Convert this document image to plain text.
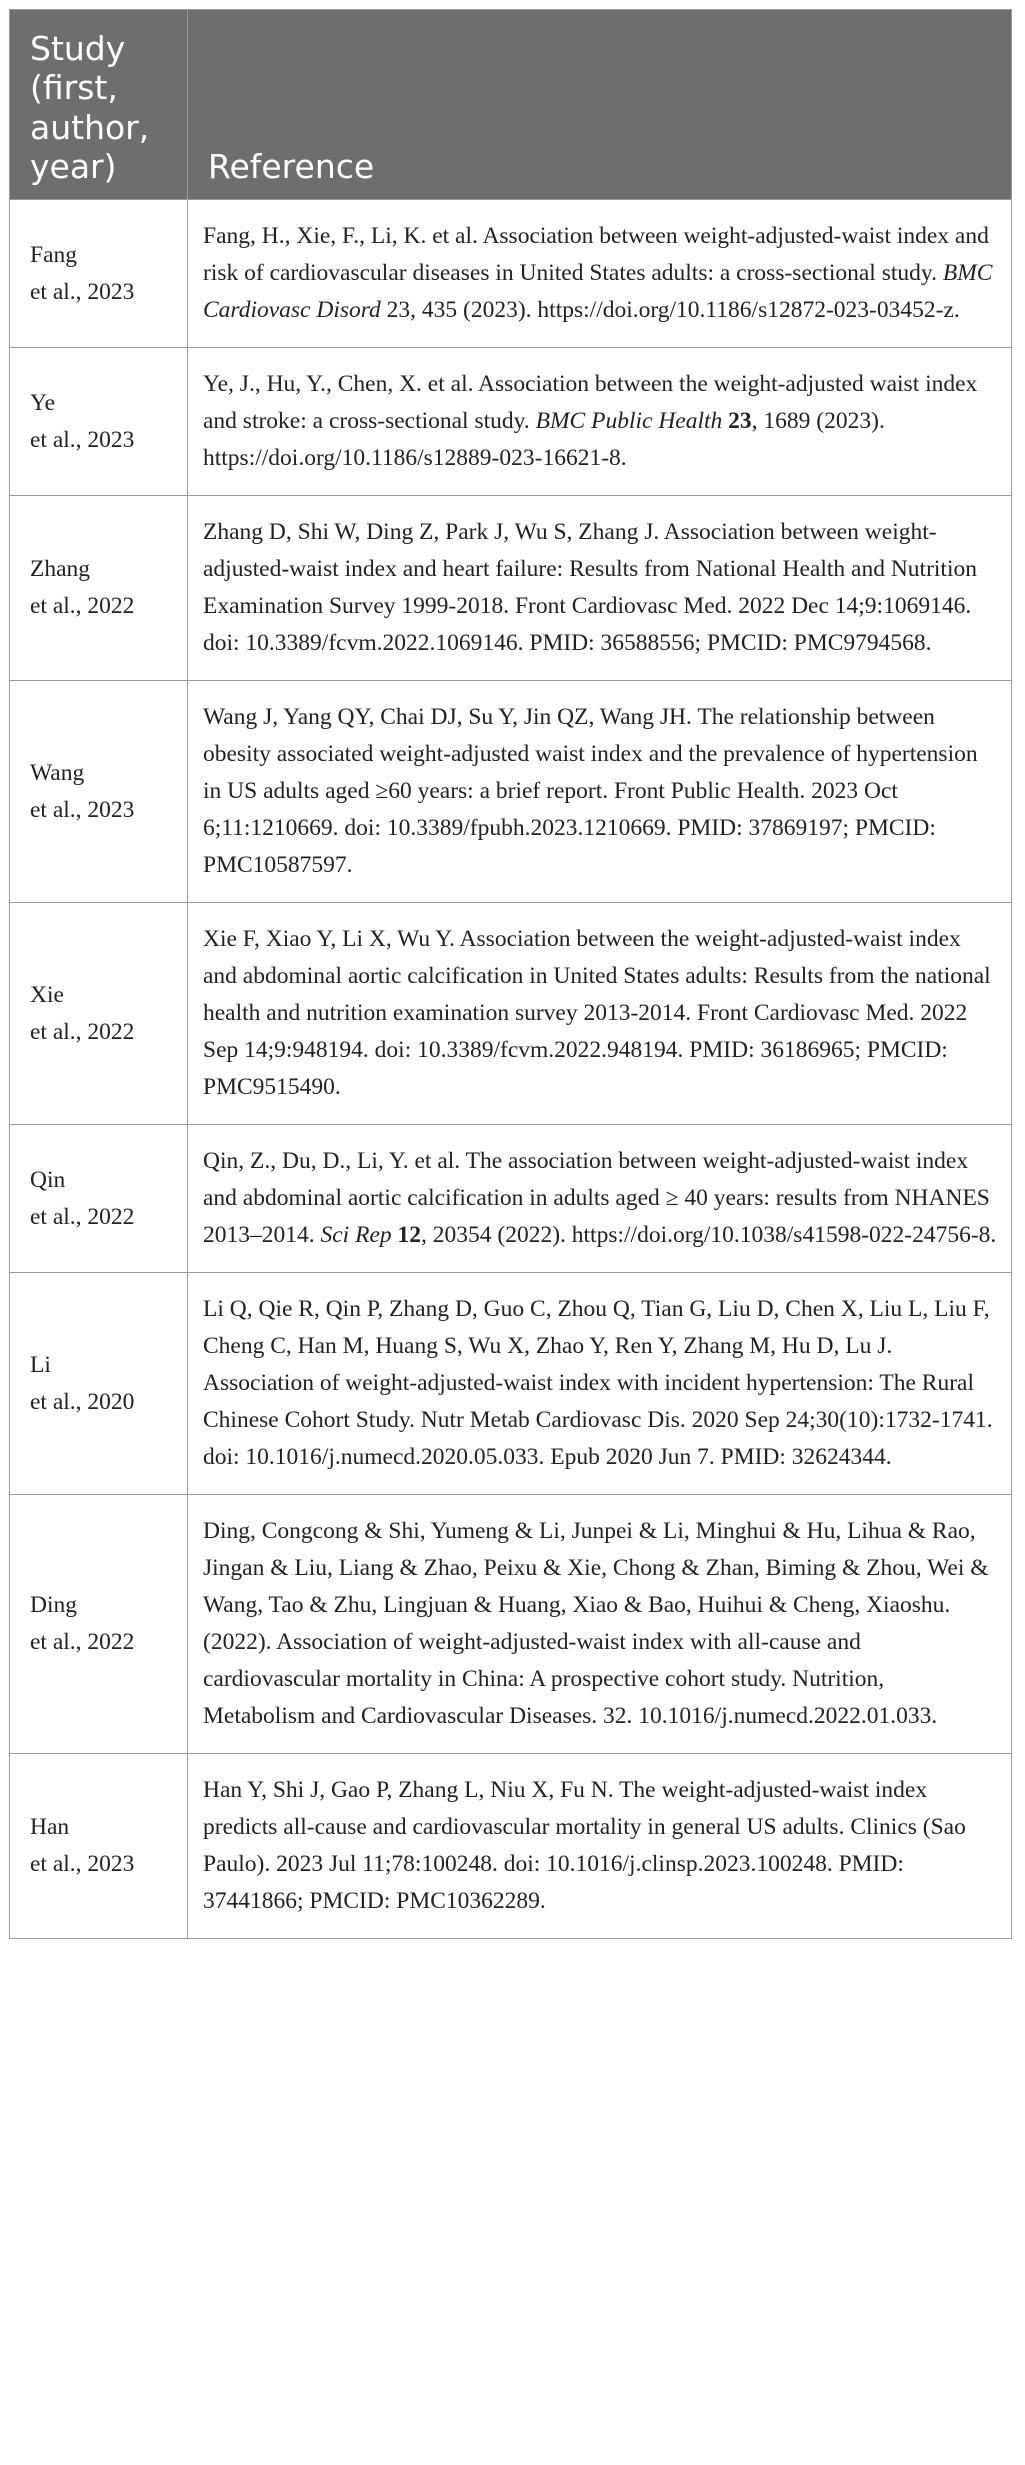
Study
(first,
author,
year)	Reference

Fang
et al., 2023	Fang, H., Xie, F., Li, K. et al. Association between weight-adjusted-waist index and risk of cardiovascular diseases in United States adults: a cross-sectional study. BMC Cardiovasc Disord 23, 435 (2023). https://doi.org/10.1186/s12872-023-03452-z.

Ye
et al., 2023	Ye, J., Hu, Y., Chen, X. et al. Association between the weight-adjusted waist index and stroke: a cross-sectional study. BMC Public Health 23, 1689 (2023). https://doi.org/10.1186/s12889-023-16621-8.

Zhang
et al., 2022	Zhang D, Shi W, Ding Z, Park J, Wu S, Zhang J. Association between weight-adjusted-waist index and heart failure: Results from National Health and Nutrition Examination Survey 1999-2018. Front Cardiovasc Med. 2022 Dec 14;9:1069146. doi: 10.3389/fcvm.2022.1069146. PMID: 36588556; PMCID: PMC9794568.

Wang
et al., 2023	Wang J, Yang QY, Chai DJ, Su Y, Jin QZ, Wang JH. The relationship between obesity associated weight-adjusted waist index and the prevalence of hypertension in US adults aged ≥60 years: a brief report. Front Public Health. 2023 Oct 6;11:1210669. doi: 10.3389/fpubh.2023.1210669. PMID: 37869197; PMCID: PMC10587597.

Xie
et al., 2022	Xie F, Xiao Y, Li X, Wu Y. Association between the weight-adjusted-waist index and abdominal aortic calcification in United States adults: Results from the national health and nutrition examination survey 2013-2014. Front Cardiovasc Med. 2022 Sep 14;9:948194. doi: 10.3389/fcvm.2022.948194. PMID: 36186965; PMCID: PMC9515490.

Qin
et al., 2022	Qin, Z., Du, D., Li, Y. et al. The association between weight-adjusted-waist index and abdominal aortic calcification in adults aged ≥ 40 years: results from NHANES 2013–2014. Sci Rep 12, 20354 (2022). https://doi.org/10.1038/s41598-022-24756-8.

Li
et al., 2020	Li Q, Qie R, Qin P, Zhang D, Guo C, Zhou Q, Tian G, Liu D, Chen X, Liu L, Liu F, Cheng C, Han M, Huang S, Wu X, Zhao Y, Ren Y, Zhang M, Hu D, Lu J. Association of weight-adjusted-waist index with incident hypertension: The Rural Chinese Cohort Study. Nutr Metab Cardiovasc Dis. 2020 Sep 24;30(10):1732-1741. doi: 10.1016/j.numecd.2020.05.033. Epub 2020 Jun 7. PMID: 32624344.

Ding
et al., 2022	Ding, Congcong & Shi, Yumeng & Li, Junpei & Li, Minghui & Hu, Lihua & Rao, Jingan & Liu, Liang & Zhao, Peixu & Xie, Chong & Zhan, Biming & Zhou, Wei & Wang, Tao & Zhu, Lingjuan & Huang, Xiao & Bao, Huihui & Cheng, Xiaoshu. (2022). Association of weight-adjusted-waist index with all-cause and cardiovascular mortality in China: A prospective cohort study. Nutrition, Metabolism and Cardiovascular Diseases. 32. 10.1016/j.numecd.2022.01.033.

Han
et al., 2023	Han Y, Shi J, Gao P, Zhang L, Niu X, Fu N. The weight-adjusted-waist index predicts all-cause and cardiovascular mortality in general US adults. Clinics (Sao Paulo). 2023 Jul 11;78:100248. doi: 10.1016/j.clinsp.2023.100248. PMID: 37441866; PMCID: PMC10362289.
